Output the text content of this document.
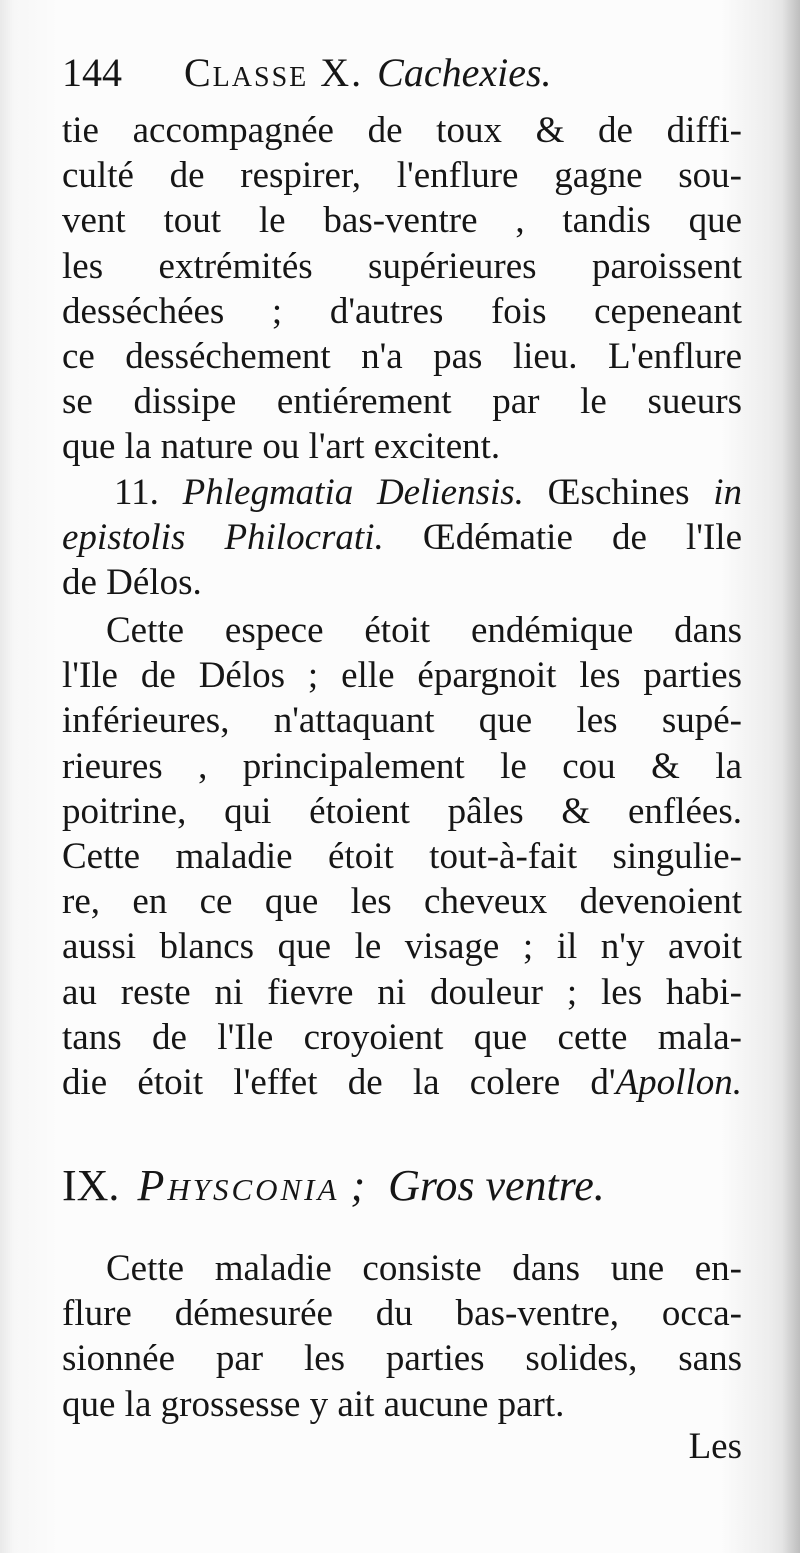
144 Classe X. Cachexies.
tie accompagnée de toux & de diffi-
culté de respirer, l'enflure gagne sou-
vent tout le bas-ventre , tandis que
les extrémités supérieures paroissent
desséchées ; d'autres fois cepeneant
ce desséchement n'a pas lieu. L'enflure
se dissipe entiérement par le sueurs
que la nature ou l'art excitent.
11. Phlegmatia Deliensis. Œschines in
epistolis Philocrati. Œdématie de l'Ile
de Délos.
Cette espece étoit endémique dans
l'Ile de Délos ; elle épargnoit les parties
inférieures, n'attaquant que les supé-
rieures , principalement le cou & la
poitrine, qui étoient pâles & enflées.
Cette maladie étoit tout-à-fait singulie-
re, en ce que les cheveux devenoient
aussi blancs que le visage ; il n'y avoit
au reste ni fievre ni douleur ; les habi-
tans de l'Ile croyoient que cette mala-
die étoit l'effet de la colere d'Apollon.
IX. Physconia ; Gros ventre.
Cette maladie consiste dans une en-
flure démesurée du bas-ventre, occa-
sionnée par les parties solides, sans
que la grossesse y ait aucune part.
Les
